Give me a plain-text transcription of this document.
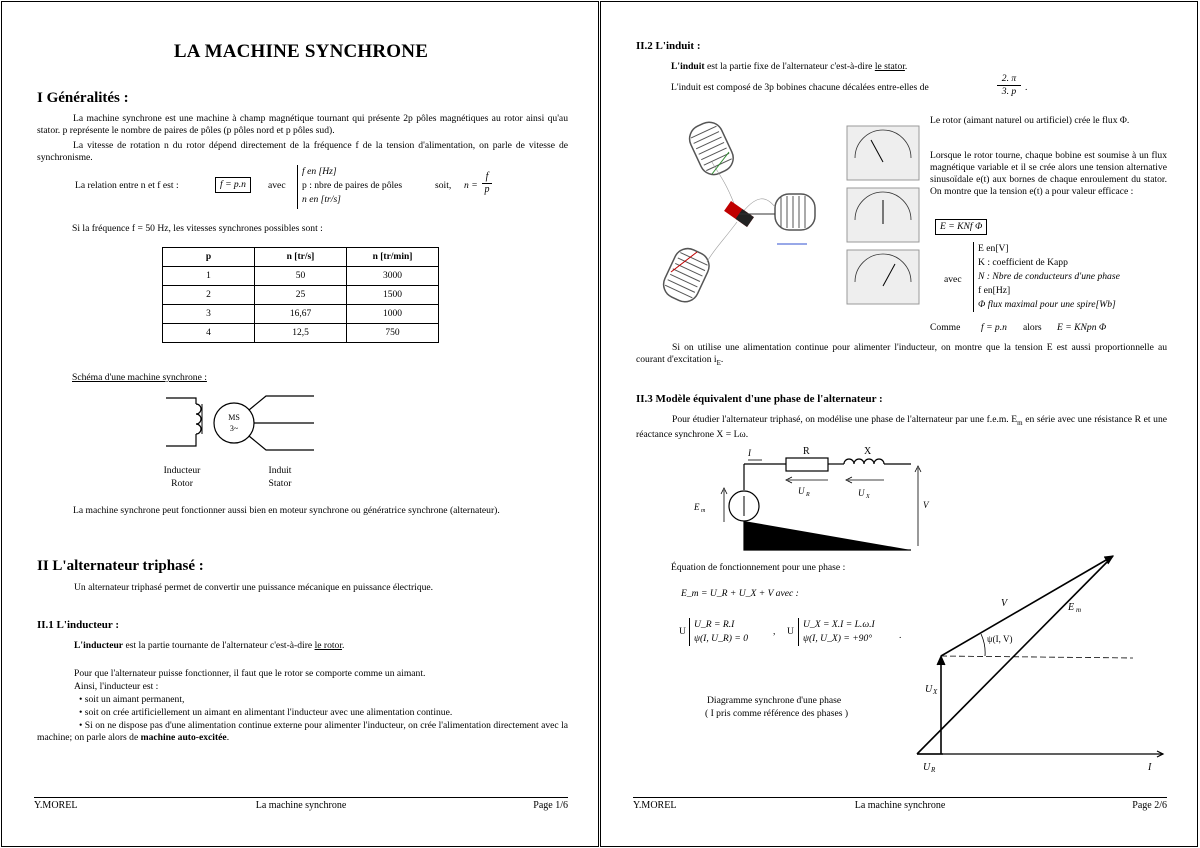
LA MACHINE SYNCHRONE
I Généralités :
La machine synchrone est une machine à champ magnétique tournant qui présente 2p pôles magnétiques au rotor ainsi qu'au stator. p représente le nombre de paires de pôles (p pôles nord et p pôles sud).
La vitesse de rotation n du rotor dépend directement de la fréquence f de la tension d'alimentation, on parle de vitesse de synchronisme.
La relation entre n et f est :	f = p.n	avec
f en [Hz]
p : nbre de paires de pôles
n en [tr/s]
soit, $n = \frac{f}{p}$
Si la fréquence f = 50 Hz, les vitesses synchrones possibles sont :
p	n [tr/s]	n [tr/min]
1	50	3000
2	25	1500
3	16,67	1000
4	12,5	750
Schéma d'une machine synchrone :
MS
3~
Inducteur
Rotor
Induit
Stator
La machine synchrone peut fonctionner aussi bien en moteur synchrone ou génératrice synchrone (alternateur).
II L'alternateur triphasé :
Un alternateur triphasé permet de convertir une puissance mécanique en puissance électrique.
II.1 L'inducteur :
L'inducteur est la partie tournante de l'alternateur c'est-à-dire le rotor.
Pour que l'alternateur puisse fonctionner, il faut que le rotor se comporte comme un aimant.
Ainsi, l'inducteur est :
• soit un aimant permanent,
• soit on crée artificiellement un aimant en alimentant l'inducteur avec une alimentation continue.
• Si on ne dispose pas d'une alimentation continue externe pour alimenter l'inducteur, on crée l'alimentation directement avec la machine; on parle alors de machine auto-excitée.
Y.MOREL	La machine synchrone	Page 1/6
II.2 L'induit :
L'induit est la partie fixe de l'alternateur c'est-à-dire le stator.
L'induit est composé de 3p bobines chacune décalées entre-elles de	$\frac{2. \pi}{3. p}$ .
Le rotor (aimant naturel ou artificiel) crée le flux Φ.
Lorsque le rotor tourne, chaque bobine est soumise à un flux magnétique variable et il se crée alors une tension alternative sinusoïdale e(t) aux bornes de chaque enroulement du stator. On montre que la tension e(t) a pour valeur efficace :
E = KNf Φ
avec
E en[V]
K : coefficient de Kapp
N : Nbre de conducteurs d'une phase
f en[Hz]
Φ flux maximal pour une spire[Wb]
Comme f = p.n alors E = KNpn Φ
Si on utilise une alimentation continue pour alimenter l'inducteur, on montre que la tension E est aussi proportionnelle au courant d'excitation $i_E$.
II.3 Modèle équivalent d'une phase de l'alternateur :
Pour étudier l'alternateur triphasé, on modélise une phase de l'alternateur par une f.e.m. $E_m$ en série avec une résistance R et une réactance synchrone X = Lω.
I	R	X
U R	U X
E m
V
Équation de fonctionnement pour une phase :
E_m = U_R + U_X + V avec :
U
U_R = R.I
ψ(I, U_R) = 0
, U
U_X = X.I = L.ω.I
ψ(I, U_X) = +90°	.
Diagramme synchrone d'une phase
( I pris comme référence des phases )
V	E m
U X
U R	I
ψ(I, V)
Y.MOREL	La machine synchrone	Page 2/6
